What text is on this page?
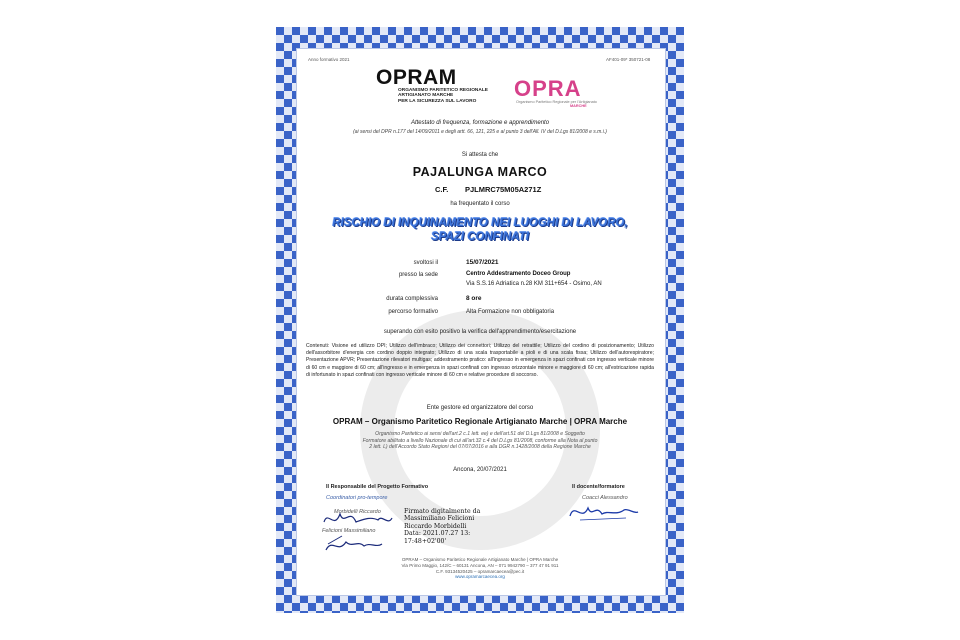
Anno formativo 2021	AF401-09* 350721-08
OPRAM
ORGANISMO PARITETICO REGIONALE
ARTIGIANATO MARCHE
PER LA SICUREZZA SUL LAVORO
OPRA
Organismo Paritetico Regionale per l'Artigianato
MARCHE
Attestato di frequenza, formazione e apprendimento
(ai sensi del DPR n.177 del 14/09/2011 e degli artt. 66, 121, 225 e al punto 3 dell'All. IV del D.Lgs 81/2008 e s.m.i.)
Si attesta che
PAJALUNGA MARCO
C.F. PJLMRC75M05A271Z
ha frequentato il corso
RISCHIO DI INQUINAMENTO NEI LUOGHI DI LAVORO,
SPAZI CONFINATI
svoltosi il	15/07/2021
presso la sede	Centro Addestramento Doceo Group
Via S.S.16 Adriatica n.28 KM 311+654 - Osimo, AN
durata complessiva	8 ore
percorso formativo	Alta Formazione non obbligatoria
superando con esito positivo la verifica dell'apprendimento/esercitazione
Contenuti: Visione ed utilizzo DPI; Utilizzo dell'imbraco; Utilizzo dei connettori; Utilizzo del retrattile; Utilizzo del cordino di posizionamento; Utilizzo dell'assorbitore d'energia con cordino doppio integrato; Utilizzo di una scala trasportabile a pioli e di una scala fissa; Utilizzo dell'autorespiratore; Presentazione APVR; Presentazione rilevatori multigas; addestramento pratico: all'ingresso in emergenza in spazi confinati con ingresso verticale minore di 60 cm e maggiore di 60 cm; all'ingresso e in emergenza in spazi confinati con ingresso orizzontale minore e maggiore di 60 cm; all'estricazione rapida di infortunato in spazi confinati con ingresso verticale minore di 60 cm e relative procedure di soccorso.
Ente gestore ed organizzatore del corso
OPRAM – Organismo Paritetico Regionale Artigianato Marche | OPRA Marche
Organismo Paritetico ai sensi dell'art.2 c.1 lett. ee) e dell'art.51 del D.Lgs 81/2008 e Soggetto
Formatore abilitato a livello Nazionale di cui all'art.32 c.4 del D.Lgs 81/2008, conforme alla Nota al punto
2 lett. L) dell'Accordo Stato Regioni del 07/07/2016 e alla DGR n.1428/2008 della Regione Marche
Ancona, 20/07/2021
Il Responsabile del Progetto Formativo
Coordinatori pro-tempore
Morbidelli Riccardo
Felicioni Massimiliano
Firmato digitalmente da
Massimiliano Felicioni
Riccardo Morbidelli
Data: 2021.07.27 13:
17:48+02'00'
Il docente/formatore
Coacci Alessandro
OPRAM – Organismo Paritetico Regionale Artigianato Marche | OPRA Marche
Via Primo Maggio, 142/C – 60131 Ancona, AN – 071 9942790 – 377 47 91 911
C.F. 93134520425 – opramarcaecea@pec.it
www.opramarcaecea.org
